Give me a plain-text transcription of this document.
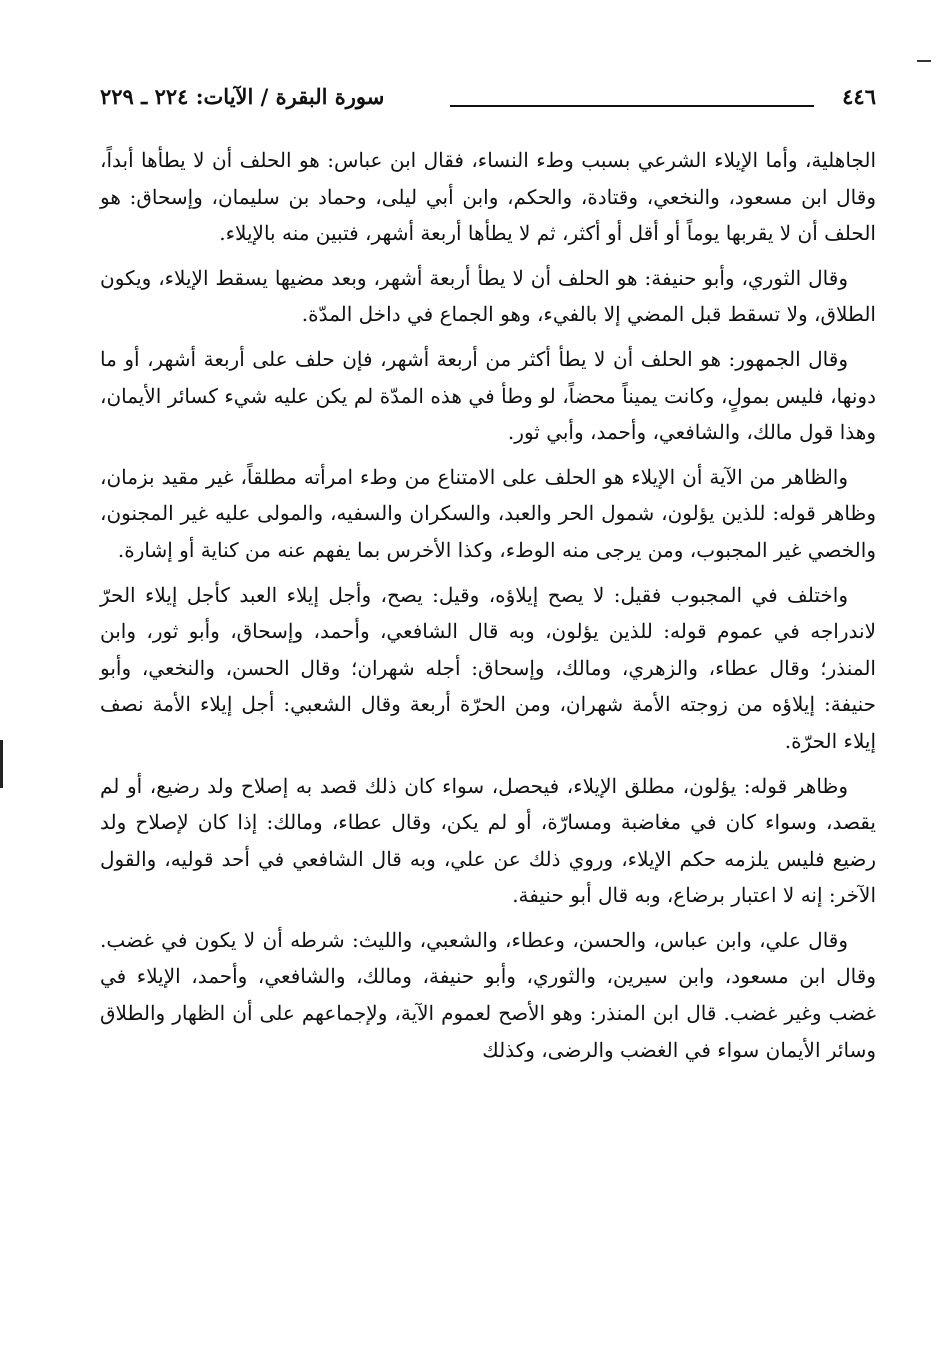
٤٤٦
سورة البقرة / الآيات: ٢٢٤ ـ ٢٢٩

الجاهلية، وأما الإيلاء الشرعي بسبب وطء النساء، فقال ابن عباس: هو الحلف أن لا يطأها أبداً، وقال ابن مسعود، والنخعي، وقتادة، والحكم، وابن أبي ليلى، وحماد بن سليمان، وإسحاق: هو الحلف أن لا يقربها يوماً أو أقل أو أكثر، ثم لا يطأها أربعة أشهر، فتبين منه بالإيلاء.

وقال الثوري، وأبو حنيفة: هو الحلف أن لا يطأ أربعة أشهر، وبعد مضيها يسقط الإيلاء، ويكون الطلاق، ولا تسقط قبل المضي إلا بالفيء، وهو الجماع في داخل المدّة.

وقال الجمهور: هو الحلف أن لا يطأ أكثر من أربعة أشهر، فإن حلف على أربعة أشهر، أو ما دونها، فليس بمولٍ، وكانت يميناً محضاً، لو وطأ في هذه المدّة لم يكن عليه شيء كسائر الأيمان، وهذا قول مالك، والشافعي، وأحمد، وأبي ثور.

والظاهر من الآية أن الإيلاء هو الحلف على الامتناع من وطء امرأته مطلقاً، غير مقيد بزمان، وظاهر قوله: للذين يؤلون، شمول الحر والعبد، والسكران والسفيه، والمولى عليه غير المجنون، والخصي غير المجبوب، ومن يرجى منه الوطء، وكذا الأخرس بما يفهم عنه من كناية أو إشارة.

واختلف في المجبوب فقيل: لا يصح إيلاؤه، وقيل: يصح، وأجل إيلاء العبد كأجل إيلاء الحرّ لاندراجه في عموم قوله: للذين يؤلون، وبه قال الشافعي، وأحمد، وإسحاق، وأبو ثور، وابن المنذر؛ وقال عطاء، والزهري، ومالك، وإسحاق: أجله شهران؛ وقال الحسن، والنخعي، وأبو حنيفة: إيلاؤه من زوجته الأمة شهران، ومن الحرّة أربعة وقال الشعبي: أجل إيلاء الأمة نصف إيلاء الحرّة.

وظاهر قوله: يؤلون، مطلق الإيلاء، فيحصل، سواء كان ذلك قصد به إصلاح ولد رضيع، أو لم يقصد، وسواء كان في مغاضبة ومسارّة، أو لم يكن، وقال عطاء، ومالك: إذا كان لإصلاح ولد رضيع فليس يلزمه حكم الإيلاء، وروي ذلك عن علي، وبه قال الشافعي في أحد قوليه، والقول الآخر: إنه لا اعتبار برضاع، وبه قال أبو حنيفة.

وقال علي، وابن عباس، والحسن، وعطاء، والشعبي، والليث: شرطه أن لا يكون في غضب. وقال ابن مسعود، وابن سيرين، والثوري، وأبو حنيفة، ومالك، والشافعي، وأحمد، الإيلاء في غضب وغير غضب. قال ابن المنذر: وهو الأصح لعموم الآية، ولإجماعهم على أن الظهار والطلاق وسائر الأيمان سواء في الغضب والرضى، وكذلك
